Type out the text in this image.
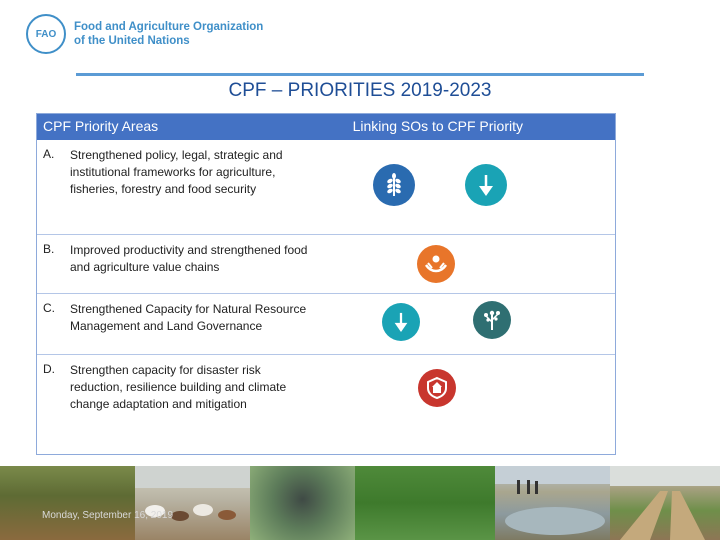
FAO
Food and Agriculture Organization
of the United Nations
CPF – PRIORITIES 2019-2023
CPF Priority Areas	Linking SOs to CPF Priority
A. Strengthened policy, legal, strategic and institutional frameworks for agriculture, fisheries, forestry and food security
B. Improved productivity and strengthened food and agriculture value chains
C. Strengthened Capacity for Natural Resource Management and Land Governance
D. Strengthen capacity for disaster risk reduction, resilience building and climate change adaptation and mitigation
Monday, September 16, 2019
